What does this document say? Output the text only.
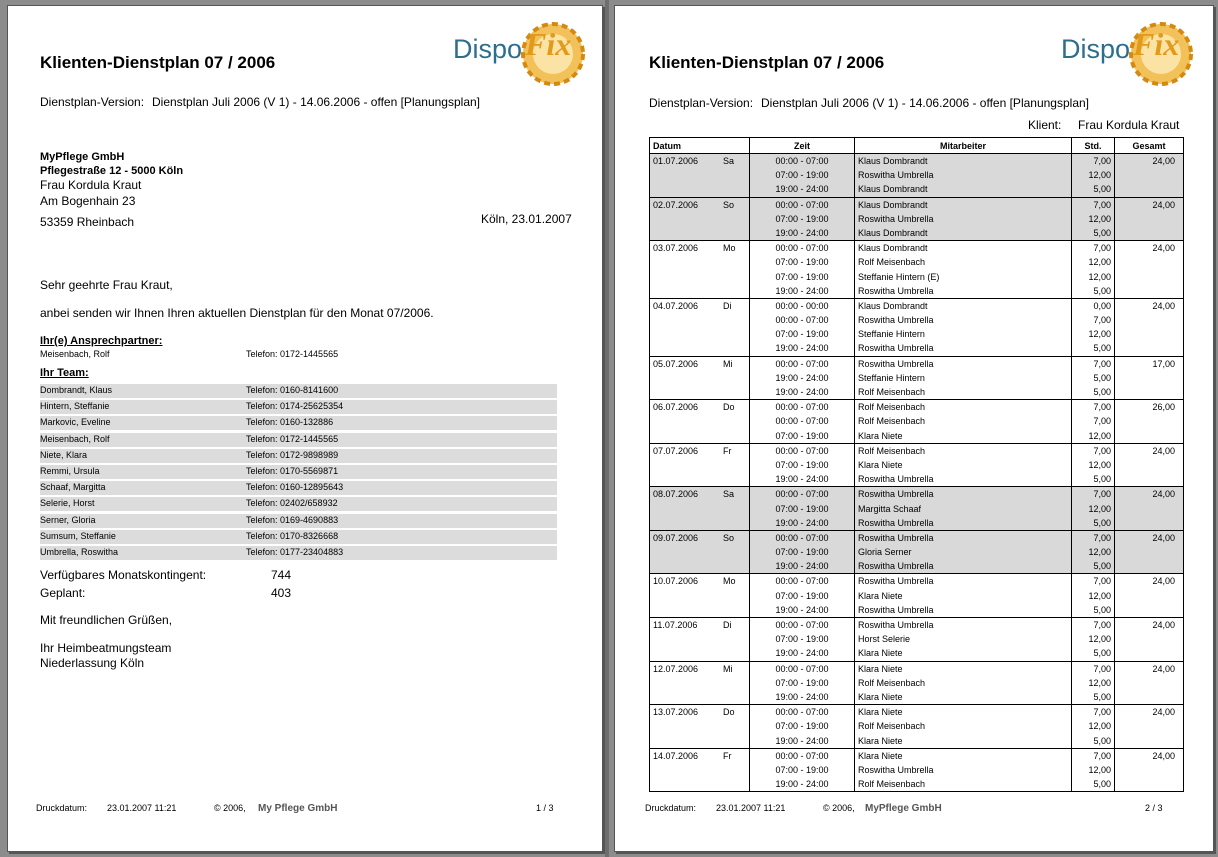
Dispo Fix
Klienten-Dienstplan 07 / 2006
Dienstplan-Version: Dienstplan Juli 2006 (V 1) - 14.06.2006 - offen [Planungsplan]
MyPflege GmbH
Pflegestraße 12 - 5000 Köln
Frau Kordula Kraut
Am Bogenhain 23
53359 Rheinbach	Köln, 23.01.2007
Sehr geehrte Frau Kraut,
anbei senden wir Ihnen Ihren aktuellen Dienstplan für den Monat 07/2006.
Ihr(e) Ansprechpartner:
Meisenbach, Rolf	Telefon: 0172-1445565
Ihr Team:
Dombrandt, Klaus	Telefon: 0160-8141600
Hintern, Steffanie	Telefon: 0174-25625354
Markovic, Eveline	Telefon: 0160-132886
Meisenbach, Rolf	Telefon: 0172-1445565
Niete, Klara	Telefon: 0172-9898989
Remmi, Ursula	Telefon: 0170-5569871
Schaaf, Margitta	Telefon: 0160-12895643
Selerie, Horst	Telefon: 02402/658932
Serner, Gloria	Telefon: 0169-4690883
Sumsum, Steffanie	Telefon: 0170-8326668
Umbrella, Roswitha	Telefon: 0177-23404883
Verfügbares Monatskontingent:	744
Geplant:	403
Mit freundlichen Grüßen,
Ihr Heimbeatmungsteam
Niederlassung Köln
Druckdatum: 23.01.2007 11:21	© 2006, My Pflege GmbH	1 / 3
Dispo Fix
Klienten-Dienstplan 07 / 2006
Dienstplan-Version: Dienstplan Juli 2006 (V 1) - 14.06.2006 - offen [Planungsplan]
Klient: Frau Kordula Kraut
Datum	Zeit	Mitarbeiter	Std.	Gesamt
01.07.2006 Sa	00:00 - 07:00	Klaus Dombrandt	7,00	24,00
	07:00 - 19:00	Roswitha Umbrella	12,00	
	19:00 - 24:00	Klaus Dombrandt	5,00	
02.07.2006 So	00:00 - 07:00	Klaus Dombrandt	7,00	24,00
	07:00 - 19:00	Roswitha Umbrella	12,00	
	19:00 - 24:00	Klaus Dombrandt	5,00	
03.07.2006 Mo	00:00 - 07:00	Klaus Dombrandt	7,00	24,00
	07:00 - 19:00	Rolf Meisenbach	12,00	
	07:00 - 19:00	Steffanie Hintern (E)	12,00	
	19:00 - 24:00	Roswitha Umbrella	5,00	
04.07.2006 Di	00:00 - 00:00	Klaus Dombrandt	0,00	24,00
	00:00 - 07:00	Roswitha Umbrella	7,00	
	07:00 - 19:00	Steffanie Hintern	12,00	
	19:00 - 24:00	Roswitha Umbrella	5,00	
05.07.2006 Mi	00:00 - 07:00	Roswitha Umbrella	7,00	17,00
	19:00 - 24:00	Steffanie Hintern	5,00	
	19:00 - 24:00	Rolf Meisenbach	5,00	
06.07.2006 Do	00:00 - 07:00	Rolf Meisenbach	7,00	26,00
	00:00 - 07:00	Rolf Meisenbach	7,00	
	07:00 - 19:00	Klara Niete	12,00	
07.07.2006 Fr	00:00 - 07:00	Rolf Meisenbach	7,00	24,00
	07:00 - 19:00	Klara Niete	12,00	
	19:00 - 24:00	Roswitha Umbrella	5,00	
08.07.2006 Sa	00:00 - 07:00	Roswitha Umbrella	7,00	24,00
	07:00 - 19:00	Margitta Schaaf	12,00	
	19:00 - 24:00	Roswitha Umbrella	5,00	
09.07.2006 So	00:00 - 07:00	Roswitha Umbrella	7,00	24,00
	07:00 - 19:00	Gloria Serner	12,00	
	19:00 - 24:00	Roswitha Umbrella	5,00	
10.07.2006 Mo	00:00 - 07:00	Roswitha Umbrella	7,00	24,00
	07:00 - 19:00	Klara Niete	12,00	
	19:00 - 24:00	Roswitha Umbrella	5,00	
11.07.2006 Di	00:00 - 07:00	Roswitha Umbrella	7,00	24,00
	07:00 - 19:00	Horst Selerie	12,00	
	19:00 - 24:00	Klara Niete	5,00	
12.07.2006 Mi	00:00 - 07:00	Klara Niete	7,00	24,00
	07:00 - 19:00	Rolf Meisenbach	12,00	
	19:00 - 24:00	Klara Niete	5,00	
13.07.2006 Do	00:00 - 07:00	Klara Niete	7,00	24,00
	07:00 - 19:00	Rolf Meisenbach	12,00	
	19:00 - 24:00	Klara Niete	5,00	
14.07.2006 Fr	00:00 - 07:00	Klara Niete	7,00	24,00
	07:00 - 19:00	Roswitha Umbrella	12,00	
	19:00 - 24:00	Rolf Meisenbach	5,00	
Druckdatum: 23.01.2007 11:21	© 2006, MyPflege GmbH	2 / 3
